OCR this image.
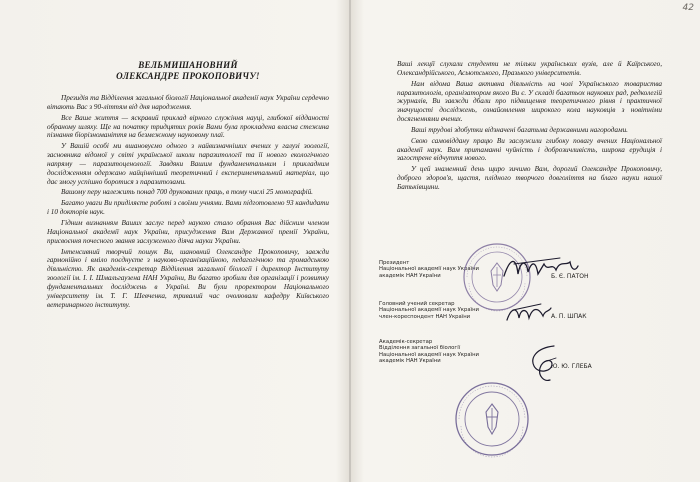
42
ВЕЛЬМИШАНОВНИЙ
ОЛЕКСАНДРЕ ПРОКОПОВИЧУ!

Президія та Відділення загальної біології Національної академії наук України сердечно вітають Вас з 90-літтям від дня народження.

Все Ваше життя — яскравий приклад вірного служіння науці, глибокої відданості обраному шляху. Ще на початку тридцятих років Вами була прокладена власна стежина пізнання біорізноманіття на безмежному науковому плаї.

У Вашій особі ми вшановуємо одного з найвизначніших вчених у галузі зоології, засновника відомої у світі української школи паразитології та її нового екологічного напряму — паразитоценології. Завдяки Вашим фундаментальним і прикладним дослідженням одержано найцінніший теоретичний і експериментальний матеріал, що дає змогу успішно боротися з паразитозами.

Вашому перу належить понад 700 друкованих праць, в тому числі 25 монографій.

Багато уваги Ви приділяєте роботі з своїми учнями. Вами підготовлено 93 кандидати і 10 докторів наук.

Гідним визнанням Ваших заслуг перед наукою стало обрання Вас дійсним членом Національної академії наук України, присудження Вам Державної премії України, присвоєння почесного звання заслуженого діяча науки України.

Інтенсивний творчий пошук Ви, шановний Олександре Прокоповичу, завжди гармонійно і вміло поєднуєте з науково-організаційною, педагогічною та громадською діяльністю. Як академік-секретар Відділення загальної біології і директор Інституту зоології ім. І. І. Шмальгаузена НАН України, Ви багато зробили для організації і розвитку фундаментальних досліджень в Україні. Ви були проректором Національного університету ім. Т. Г. Шевченка, тривалий час очолювали кафедру Київського ветеринарного інституту.

Ваші лекції слухали студенти не тільки українських вузів, але й Каїрського, Олександрійського, Асьютського, Празького університетів.

Нам відома Ваша активна діяльність на чолі Українського товариства паразитологів, організатором якого Ви є. У складі багатьох наукових рад, редколегій журналів, Ви завжди дбали про підвищення теоретичного рівня і практичної значущості досліджень, ознайомлення широкого кола науковців з новітніми досягненнями вчених.

Ваші трудові здобутки відзначені багатьма державними нагородами.

Свою самовіддану працю Ви заслужили глибоку повагу вчених Національної академії наук. Вам притаманні чуйність і доброзичливість, широка ерудиція і загострене відчуття нового.

У цей знаменний день щиро зичимо Вам, дорогий Олександре Прокоповичу, доброго здоров'я, щастя, плідного творчого довголіття на благо науки нашої Батьківщини.

Президент
Національної академії наук України
академік НАН України	Б. Є. ПАТОН
Головний учений секретар
Національної академії наук України
член-кореспондент НАН України	А. П. ШПАК
Академік-секретар
Відділення загальної біології
Національної академії наук України
академік НАН України
Ю. Ю. ГЛЕБА
